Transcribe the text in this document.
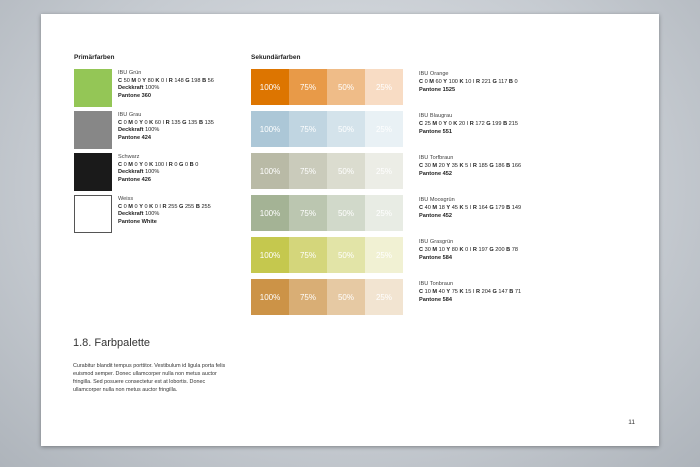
Primärfarben
IBU Grün
C 50 M 0 Y 80 K 0 I R 148 G 198 B 56
Deckkraft 100%
Pantone 360
IBU Grau
C 0 M 0 Y 0 K 60 I R 135 G 135 B 135
Deckkraft 100%
Pantone 424
Schwarz
C 0 M 0 Y 0 K 100 I R 0 G 0 B 0
Deckkraft 100%
Pantone 426
Weiss
C 0 M 0 Y 0 K 0 I R 255 G 255 B 255
Deckkraft 100%
Pantone White
Sekundärfarben
100%	75%	50%	25%
IBU Orange
C 0 M 60 Y 100 K 10 I R 221 G 117 B 0
Pantone 1525
100%	75%	50%	25%
IBU Blaugrau
C 25 M 0 Y 0 K 20 I R 172 G 199 B 215
Pantone 551
100%	75%	50%	25%
IBU Torfbraun
C 30 M 20 Y 35 K 5 I R 185 G 186 B 166
Pantone 452
100%	75%	50%	25%
IBU Moosgrün
C 40 M 18 Y 45 K 5 I R 164 G 179 B 149
Pantone 452
100%	75%	50%	25%
IBU Grasgrün
C 30 M 10 Y 80 K 0 I R 197 G 200 B 78
Pantone 584
100%	75%	50%	25%
IBU Tonbraun
C 10 M 40 Y 75 K 15 I R 204 G 147 B 71
Pantone 584
1.8. Farbpalette
Curabitur blandit tempus porttitor. Vestibulum id ligula porta felis euismod semper. Donec ullamcorper nulla non metus auctor fringilla. Sed posuere consectetur est at lobortis. Donec ullamcorper nulla non metus auctor fringilla.
11
